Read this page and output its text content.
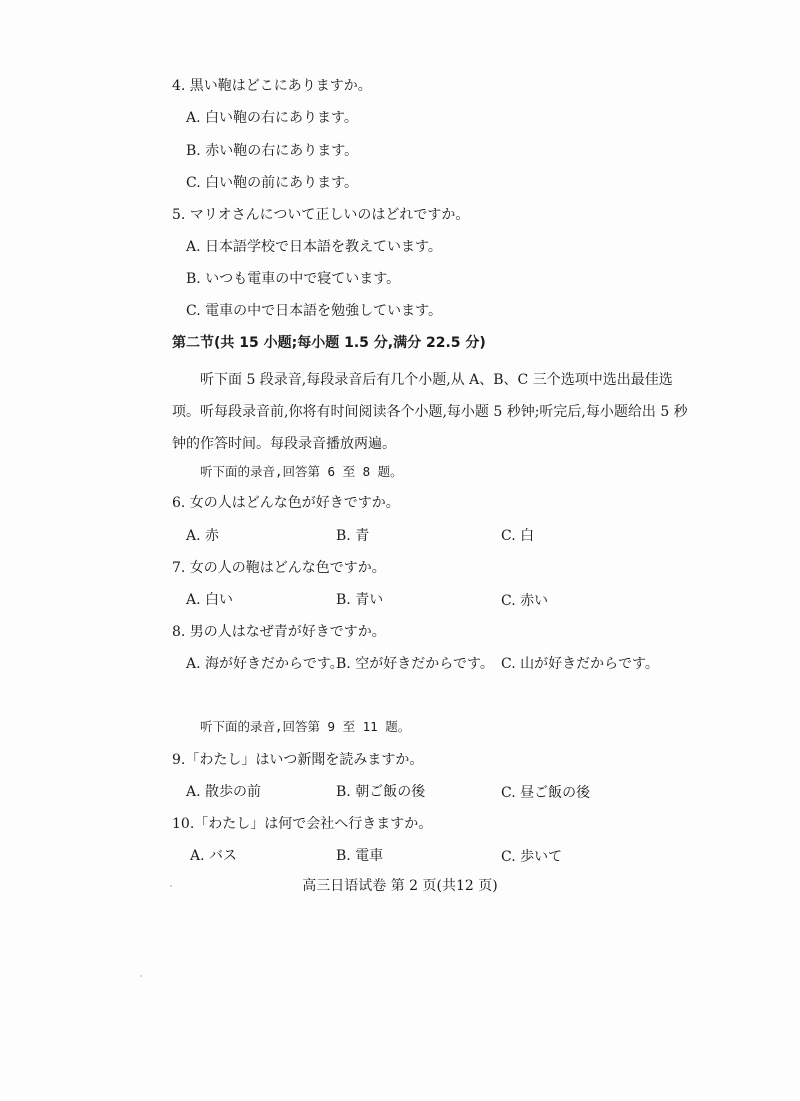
4. 黒い鞄はどこにありますか。
A. 白い鞄の右にあります。
B. 赤い鞄の右にあります。
C. 白い鞄の前にあります。
5. マリオさんについて正しいのはどれですか。
A. 日本語学校で日本語を教えています。
B. いつも電車の中で寝ています。
C. 電車の中で日本語を勉強しています。
第二节(共 15 小题;每小题 1.5 分,满分 22.5 分)
听下面 5 段录音,每段录音后有几个小题,从 A、B、C 三个选项中选出最佳选项。听每段录音前,你将有时间阅读各个小题,每小题 5 秒钟;听完后,每小题给出 5 秒钟的作答时间。每段录音播放两遍。
听下面的录音,回答第 6 至 8 题。
6. 女の人はどんな色が好きですか。
A. 赤	B. 青	C. 白
7. 女の人の鞄はどんな色ですか。
A. 白い	B. 青い	C. 赤い
8. 男の人はなぜ青が好きですか。
A. 海が好きだからです。
B. 空が好きだからです。 C. 山が好きだからです。
听下面的录音,回答第 9 至 11 题。
9.「わたし」はいつ新聞を読みますか。
A. 散歩の前	B. 朝ご飯の後	C. 昼ご飯の後
10.「わたし」は何で会社へ行きますか。
A. バス	B. 電車	C. 歩いて
高三日语试卷 第 2 页(共12 页)
